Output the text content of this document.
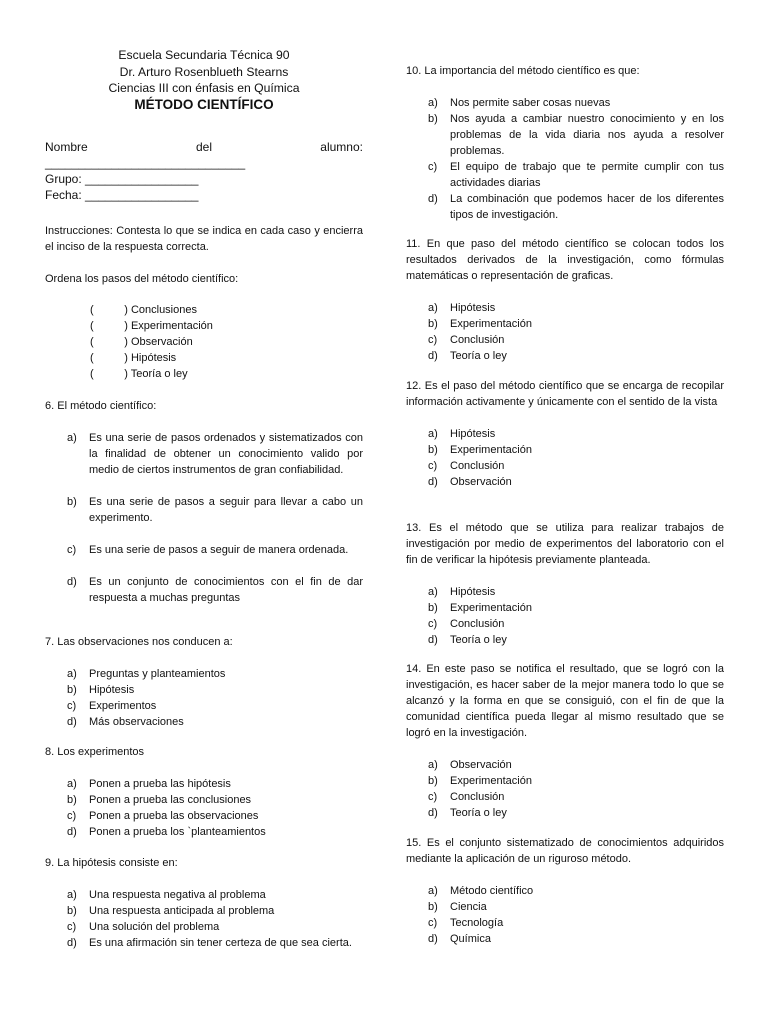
Escuela Secundaria Técnica 90
Dr. Arturo Rosenblueth Stearns
Ciencias III con énfasis en Química
MÉTODO CIENTÍFICO
Nombre	del	alumno:
______________________________
Grupo: _________________
Fecha: _________________
Instrucciones: Contesta lo que se indica en cada caso y encierra el inciso de la respuesta correcta.
Ordena los pasos del método científico:
(          ) Conclusiones
(          ) Experimentación
(          ) Observación
(          ) Hipótesis
(          ) Teoría o ley
6. El método científico:
a)	Es una serie de pasos ordenados y sistematizados con la finalidad de obtener un conocimiento valido por medio de ciertos instrumentos de gran confiabilidad.
b)	Es una serie de pasos a seguir para llevar a cabo un experimento.
c)	Es una serie de pasos a seguir de manera ordenada.
d)	Es un conjunto de conocimientos con el fin de dar respuesta a muchas preguntas
7. Las observaciones nos conducen a:
a)	Preguntas y planteamientos
b)	Hipótesis
c)	Experimentos
d)	Más observaciones
8. Los experimentos
a)	Ponen a prueba las hipótesis
b)	Ponen a prueba las conclusiones
c)	Ponen a prueba las observaciones
d)	Ponen a prueba los `planteamientos
9. La hipótesis consiste en:
a)	Una respuesta negativa al problema
b)	Una respuesta anticipada al problema
c)	Una solución del problema
d)	Es una afirmación sin tener certeza de que sea cierta.
10. La importancia del método científico es que:
a)	Nos permite saber cosas nuevas
b)	Nos ayuda a cambiar nuestro conocimiento y en los problemas de la vida diaria nos ayuda a resolver problemas.
c)	El equipo de trabajo que te permite cumplir con tus actividades diarias
d)	La combinación que podemos hacer de los diferentes tipos de investigación.
11. En que paso del método científico se colocan todos los resultados derivados de la investigación, como fórmulas matemáticas o representación de graficas.
a)	Hipótesis
b)	Experimentación
c)	Conclusión
d)	Teoría o ley
12. Es el paso del método científico que se encarga de recopilar información activamente y únicamente con el sentido de la vista
a)	Hipótesis
b)	Experimentación
c)	Conclusión
d)	Observación
13. Es el método que se utiliza para realizar trabajos de investigación por medio de experimentos del laboratorio con el fin de verificar la hipótesis previamente planteada.
a)	Hipótesis
b)	Experimentación
c)	Conclusión
d)	Teoría o ley
14. En este paso se notifica el resultado, que se logró con la investigación, es hacer saber de la mejor manera todo lo que se alcanzó y la forma en que se consiguió, con el fin de que la comunidad científica pueda llegar al mismo resultado que se logró en la investigación.
a)	Observación
b)	Experimentación
c)	Conclusión
d)	Teoría o ley
15. Es el conjunto sistematizado de conocimientos adquiridos mediante la aplicación de un riguroso método.
a)	Método científico
b)	Ciencia
c)	Tecnología
d)	Química
